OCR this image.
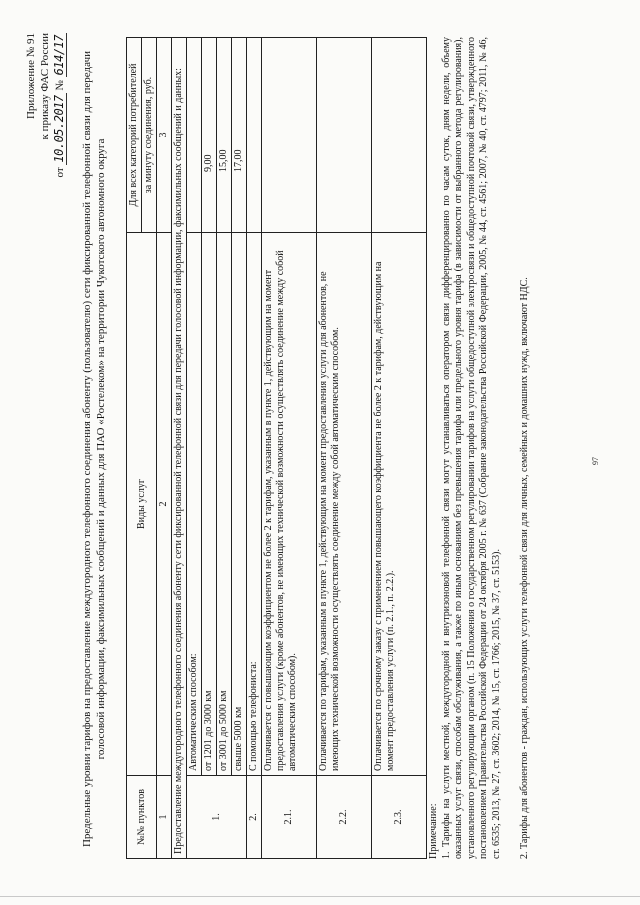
Приложение № 91 к приказу ФАС России
от 10.05.2017 № 614/17 Предельные уровни тарифов на предоставление междугородного телефонного соединения абоненту (пользователю) сети фиксированной телефонной связи для передачи голосовой информации, факсимильных сообщений и данных для ПАО «Ростелеком» на территории Чукотского автономного округа
№№ пунктов	Виды услуг	Для всех категорий потребителей
		за минуту соединения, руб.
1	2	3
Предоставление междугородного телефонного соединения абоненту сети фиксированной телефонной связи для передачи голосовой информации, факсимильных сообщений и данных:		
1.	Автоматическим способом:	
	от 1201 до 3000 км	9,00
	от 3001 до 5000 км	15,00
	свыше 5000 км	17,00
2.	С помощью телефониста:	
2.1.	Оплачивается с повышающим коэффициентом не более 2 к тарифам, указанным в пункте 1, действующим на момент предоставления услуги (кроме абонентов, не имеющих технической возможности осуществлять соединение между собой автоматическим способом).	
2.2.	Оплачивается по тарифам, указанным в пункте 1, действующим на момент предоставления услуги для абонентов, не имеющих технической возможности осуществлять соединение между собой автоматическим способом.	
2.3.	Оплачивается по срочному заказу с применением повышающего коэффициента не более 2 к тарифам, действующим на момент предоставления услуги (п. 2.1., п. 2.2.).	

Примечание: 1. Тарифы на услуги местной, междугородной и внутризоновой телефонной связи могут устанавливаться оператором связи дифференцированно по часам суток, дням недели, объему оказанных услуг связи, способам обслуживания, а также по иным основаниям без превышения тарифа или предельного уровня тарифа (в зависимости от выбранного метода регулирования), установленного регулирующим органом (п. 15 Положения о государственном регулировании тарифов на услуги общедоступной электросвязи и общедоступной почтовой связи, утвержденного постановлением Правительства Российской Федерации от 24 октября 2005 г. № 637 (Собрание законодательства Российской Федерации, 2005, № 44, ст. 4561; 2007, № 40, ст. 4797; 2011, № 46, ст. 6535; 2013, № 27, ст. 3602; 2014, № 15, ст. 1766; 2015, № 37, ст. 5153). 2. Тарифы для абонентов - граждан, использующих услуги телефонной связи для личных, семейных и домашних нужд, включают НДС.	97
